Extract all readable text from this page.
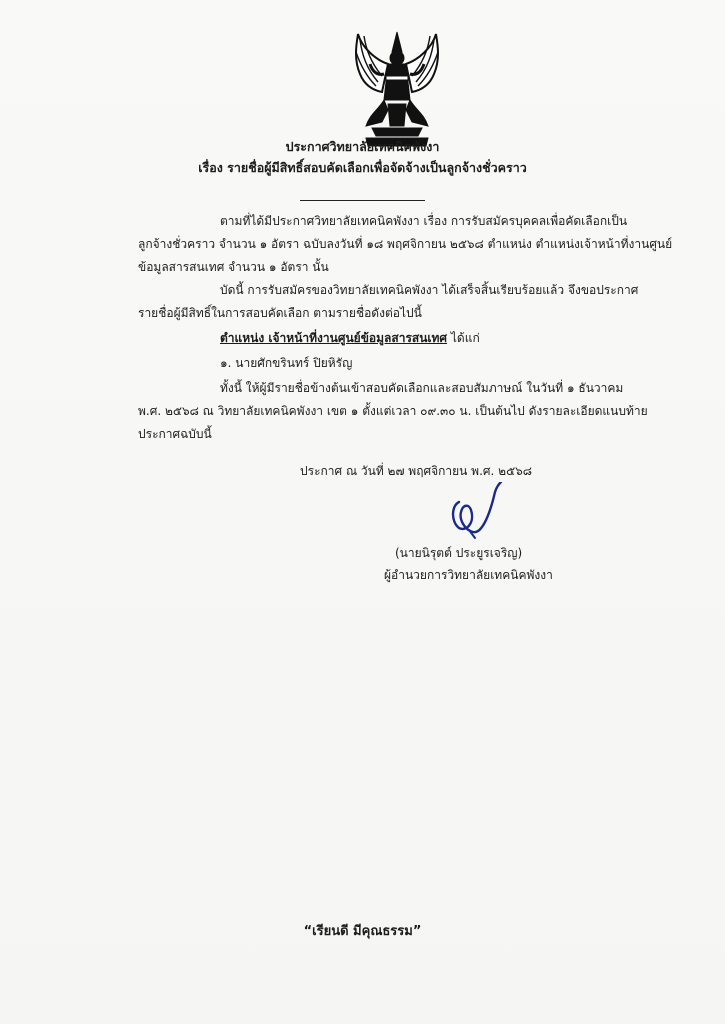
ประกาศวิทยาลัยเทคนิคพังงา
เรื่อง รายชื่อผู้มีสิทธิ์สอบคัดเลือกเพื่อจัดจ้างเป็นลูกจ้างชั่วคราว
ตามที่ได้มีประกาศวิทยาลัยเทคนิคพังงา เรื่อง การรับสมัครบุคคลเพื่อคัดเลือกเป็น
ลูกจ้างชั่วคราว จำนวน ๑ อัตรา ฉบับลงวันที่ ๑๘ พฤศจิกายน ๒๕๖๘ ตำแหน่ง ตำแหน่งเจ้าหน้าที่งานศูนย์
ข้อมูลสารสนเทศ จำนวน ๑ อัตรา นั้น
บัดนี้ การรับสมัครของวิทยาลัยเทคนิคพังงา ได้เสร็จสิ้นเรียบร้อยแล้ว จึงขอประกาศ
รายชื่อผู้มีสิทธิ์ในการสอบคัดเลือก ตามรายชื่อดังต่อไปนี้
ตำแหน่ง เจ้าหน้าที่งานศูนย์ข้อมูลสารสนเทศ ได้แก่
๑. นายศักขรินทร์ ปิยหิรัญ
ทั้งนี้ ให้ผู้มีรายชื่อข้างต้นเข้าสอบคัดเลือกและสอบสัมภาษณ์ ในวันที่ ๑ ธันวาคม
พ.ศ. ๒๕๖๘ ณ วิทยาลัยเทคนิคพังงา เขต ๑ ตั้งแต่เวลา ๐๙.๓๐ น. เป็นต้นไป ดังรายละเอียดแนบท้าย
ประกาศฉบับนี้
ประกาศ ณ วันที่ ๒๗ พฤศจิกายน พ.ศ. ๒๕๖๘
(นายนิรุตต์ ประยูรเจริญ)
ผู้อำนวยการวิทยาลัยเทคนิคพังงา
“เรียนดี มีคุณธรรม”
